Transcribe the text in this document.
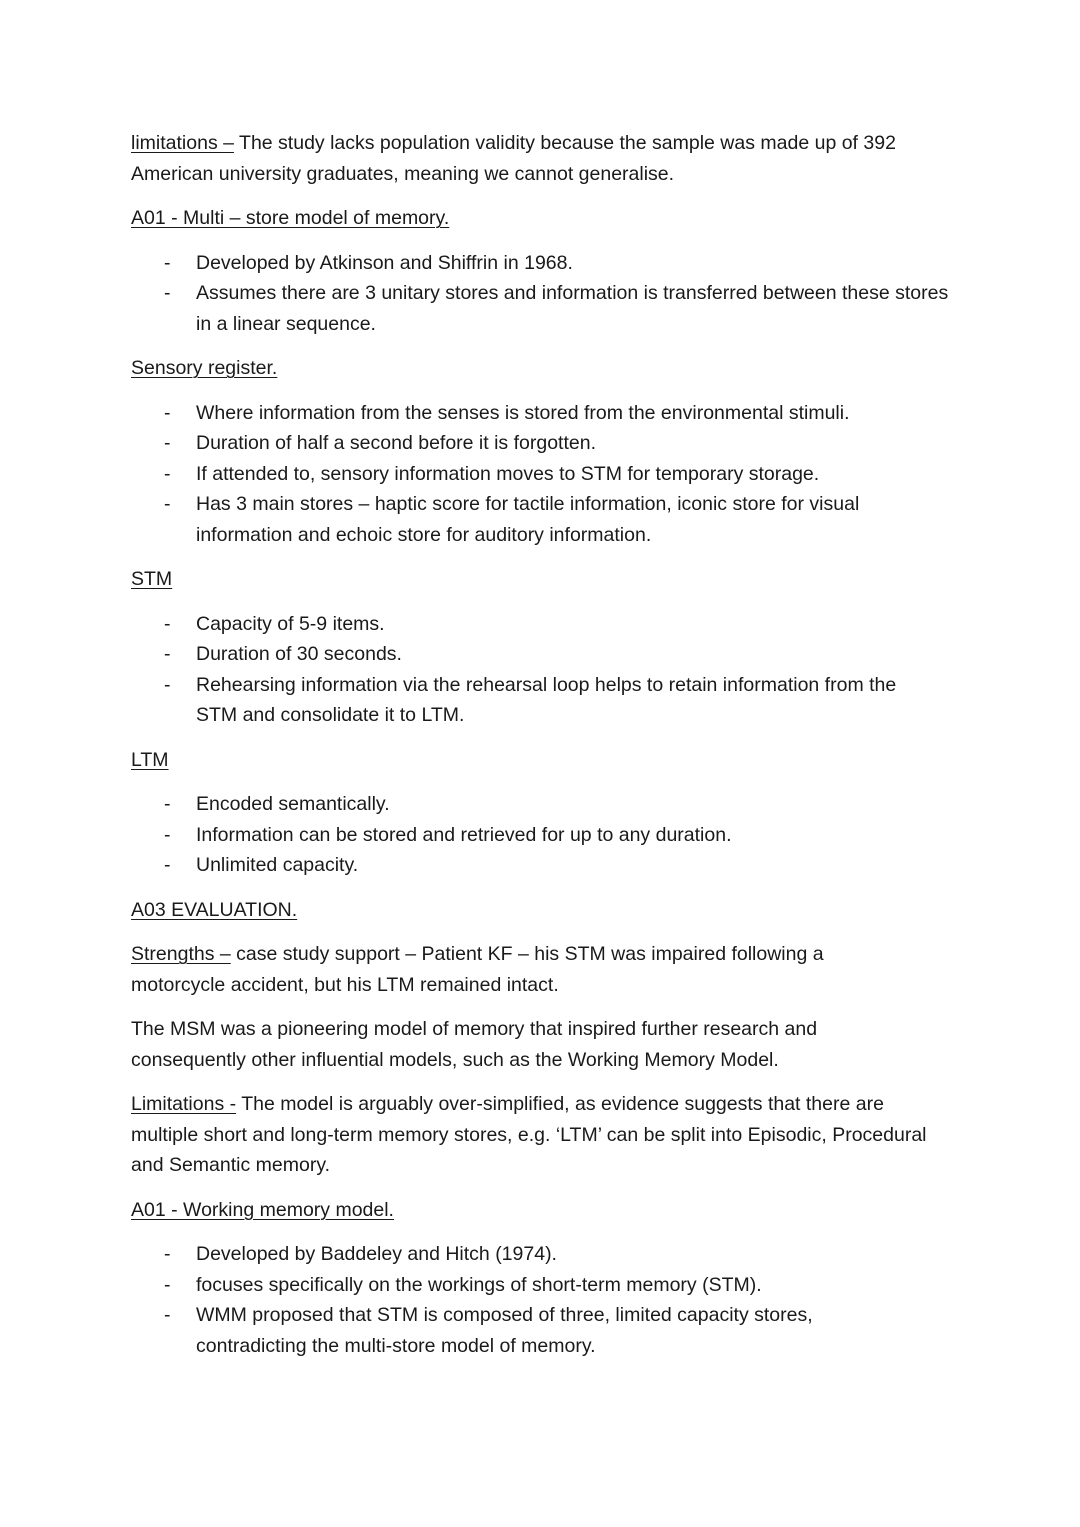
limitations – The study lacks population validity because the sample was made up of 392 American university graduates, meaning we cannot generalise.

A01 - Multi – store model of memory.

- Developed by Atkinson and Shiffrin in 1968.
- Assumes there are 3 unitary stores and information is transferred between these stores in a linear sequence.

Sensory register.

- Where information from the senses is stored from the environmental stimuli.
- Duration of half a second before it is forgotten.
- If attended to, sensory information moves to STM for temporary storage.
- Has 3 main stores – haptic score for tactile information, iconic store for visual information and echoic store for auditory information.

STM

- Capacity of 5-9 items.
- Duration of 30 seconds.
- Rehearsing information via the rehearsal loop helps to retain information from the STM and consolidate it to LTM.

LTM

- Encoded semantically.
- Information can be stored and retrieved for up to any duration.
- Unlimited capacity.

A03 EVALUATION.

Strengths – case study support – Patient KF – his STM was impaired following a motorcycle accident, but his LTM remained intact.

The MSM was a pioneering model of memory that inspired further research and consequently other influential models, such as the Working Memory Model.

Limitations - The model is arguably over-simplified, as evidence suggests that there are multiple short and long-term memory stores, e.g. ‘LTM’ can be split into Episodic, Procedural and Semantic memory.

A01 - Working memory model.

- Developed by Baddeley and Hitch (1974).
- focuses specifically on the workings of short-term memory (STM).
- WMM proposed that STM is composed of three, limited capacity stores, contradicting the multi-store model of memory.
